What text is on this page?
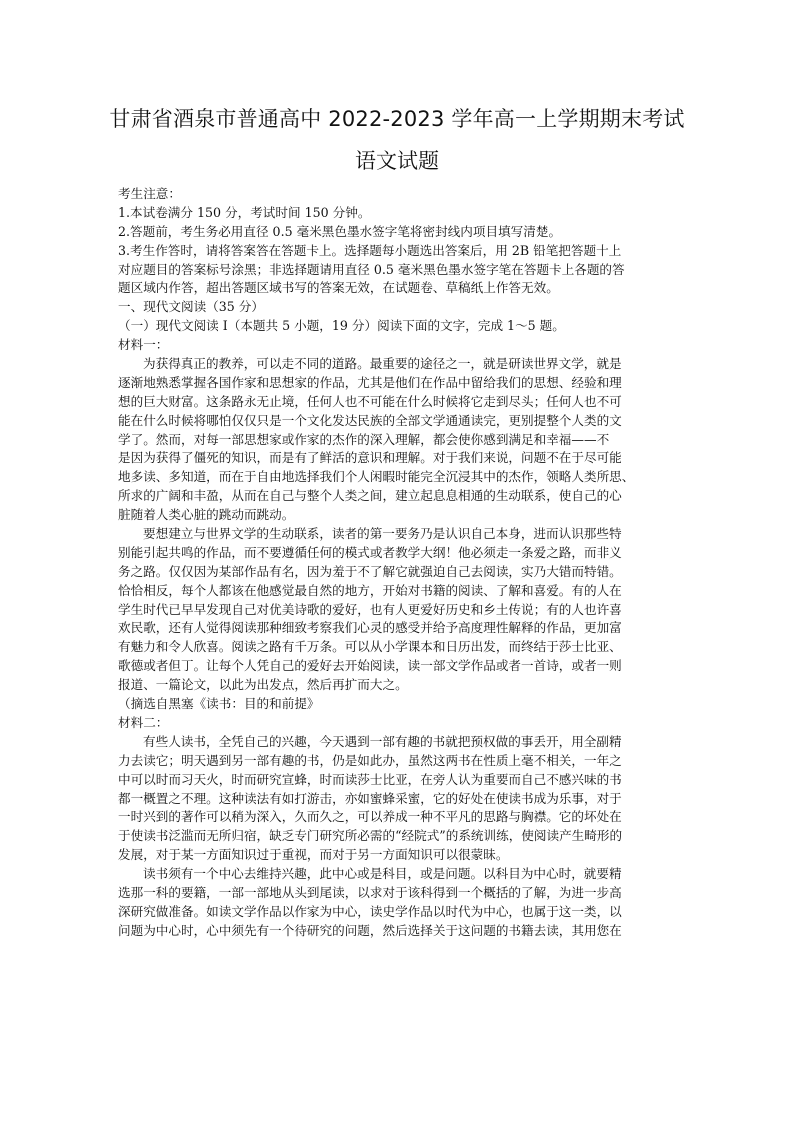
甘肃省酒泉市普通高中 2022-2023 学年高一上学期期末考试
语文试题
考生注意：
1.本试卷满分 150 分，考试时间 150 分钟。
2.答题前，考生务必用直径 0.5 毫米黑色墨水签字笔将密封线内项目填写清楚。
3.考生作答时，请将答案答在答题卡上。选择题每小题选出答案后，用 2B 铅笔把答题十上
对应题目的答案标号涂黑；非选择题请用直径 0.5 毫米黑色墨水签字笔在答题卡上各题的答
题区域内作答，超出答题区域书写的答案无效，在试题卷、草稿纸上作答无效。
一、现代文阅读（35 分）
（一）现代文阅读 I（本题共 5 小题，19 分）阅读下面的文字，完成 1～5 题。
材料一：
为获得真正的教养，可以走不同的道路。最重要的途径之一，就是研读世界文学，就是
逐渐地熟悉掌握各国作家和思想家的作品，尤其是他们在作品中留给我们的思想、经验和理
想的巨大财富。这条路永无止境，任何人也不可能在什么时候将它走到尽头；任何人也不可
能在什么时候将哪怕仅仅只是一个文化发达民族的全部文学通通读完，更别提整个人类的文
学了。然而，对每一部思想家或作家的杰作的深入理解，都会使你感到满足和幸福——不
是因为获得了僵死的知识，而是有了鲜活的意识和理解。对于我们来说，问题不在于尽可能
地多读、多知道，而在于自由地选择我们个人闲暇时能完全沉浸其中的杰作，领略人类所思、
所求的广阔和丰盈，从而在自己与整个人类之间，建立起息息相通的生动联系，使自己的心
脏随着人类心脏的跳动而跳动。
要想建立与世界文学的生动联系，读者的第一要务乃是认识自己本身，进而认识那些特
别能引起共鸣的作品，而不要遵循任何的模式或者教学大纲！他必须走一条爱之路，而非义
务之路。仅仅因为某部作品有名，因为羞于不了解它就强迫自己去阅读，实乃大错而特错。
恰恰相反，每个人都该在他感觉最自然的地方，开始对书籍的阅读、了解和喜爱。有的人在
学生时代已早早发现自己对优美诗歌的爱好，也有人更爱好历史和乡土传说；有的人也许喜
欢民歌，还有人觉得阅读那种细致考察我们心灵的感受并给予高度理性解释的作品，更加富
有魅力和令人欣喜。阅读之路有千万条。可以从小学课本和日历出发，而终结于莎士比亚、
歌德或者但丁。让每个人凭自己的爱好去开始阅读，读一部文学作品或者一首诗，或者一则
报道、一篇论文，以此为出发点，然后再扩而大之。
（摘选自黑塞《读书：目的和前提》
材料二：
有些人读书，全凭自己的兴趣，今天遇到一部有趣的书就把预权做的事丢开，用全副精
力去读它；明天遇到另一部有趣的书，仍是如此办，虽然这两书在性质上毫不相关，一年之
中可以时而习天火，时而研究宣蜂，时而读莎士比亚，在旁人认为重要而自己不感兴味的书
都一概置之不理。这种读法有如打游击，亦如蜜蜂采蜜，它的好处在使读书成为乐事，对于
一时兴到的著作可以稍为深入，久而久之，可以养成一种不平凡的思路与胸襟。它的坏处在
于使读书泛滥而无所归宿，缺乏专门研究所必需的“经院式”的系统训练，使阅读产生畸形的
发展，对于某一方面知识过于重视，而对于另一方面知识可以很蒙昧。
读书须有一个中心去维持兴趣，此中心或是科目，或是问题。以科目为中心时，就要精
选那一科的要籍，一部一部地从头到尾读，以求对于该科得到一个概括的了解，为进一步高
深研究做准备。如读文学作品以作家为中心，读史学作品以时代为中心，也属于这一类，以
问题为中心时，心中须先有一个待研究的问题，然后选择关于这问题的书籍去读，其用您在
